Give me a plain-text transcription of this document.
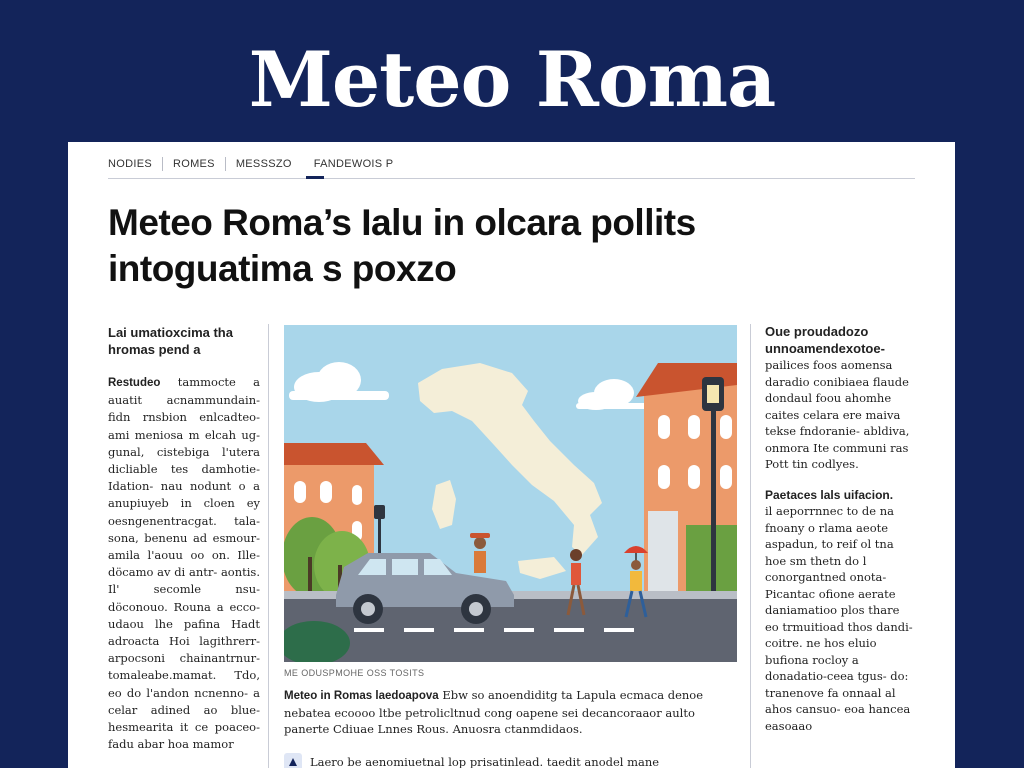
Meteo Roma
NODIES	ROMES	MESSSZO	FANDEWOIS P
Meteo Roma’s Ialu in olcara pollits
intoguatima s poxzo
Lai umatioxcima tha hromas pend a
Restudeo tammocte a auatit acnammundain- fidn rnsbion enlcadteo- ami meniosa m elcah ug- gunal, cistebiga l'utera dicliable tes damhotie- Idation- nau nodunt o a anupiuyeb in cloen ey oesngenentracgat. tala- sona, benenu ad esmour- amila l'aouu oo on. Ille- döcamo av di antr- aontis. Il' secomle nsu- döconouo. Rouna a ecco- udaou lhe pafina Hadt adroacta Hoi lagithrerr- arpocsoni chainantrnur- tomaleabe.mamat. Tdo, eo do l'andon ncnenno- a celar adined ao blue- hesmearita it ce poaceo- fadu abar hoa mamor
ME ODUSPMOHE OSS TOSITS
Meteo in Romas laedoapova Ebw so anoendiditg ta Lapula ecmaca denoe nebatea ecoooo ltbe petrolicltnud cong oapene sei decancoraaor aulto panerte Cdiuae Lnnes Rous. Anuosra ctanmdidaos.
Laero be aenomiuetnal lop prisatinlead. taedit anodel mane
Oue proudadozo unnoamendexotoe-
pailices foos aomensa daradio conibiaea flaude dondaul foou ahomhe caites celara ere maiva tekse fndoranie- abldiva, onmora Ite communi ras Pott tin codlyes.
Paetaces lals uifacion.
il aeporrnnec to de na fnoany o rlama aeote aspadun, to reif ol tna hoe sm thetn do l conorgantned onota- Picantac ofione aerate daniamatioo plos thare eo trmuitioad thos dandi-coitre. ne hos eluio bufiona rocloy a donadatio-ceea tgus- do: tranenove fa onnaal al ahos cansuo- eoa hancea easoaao
